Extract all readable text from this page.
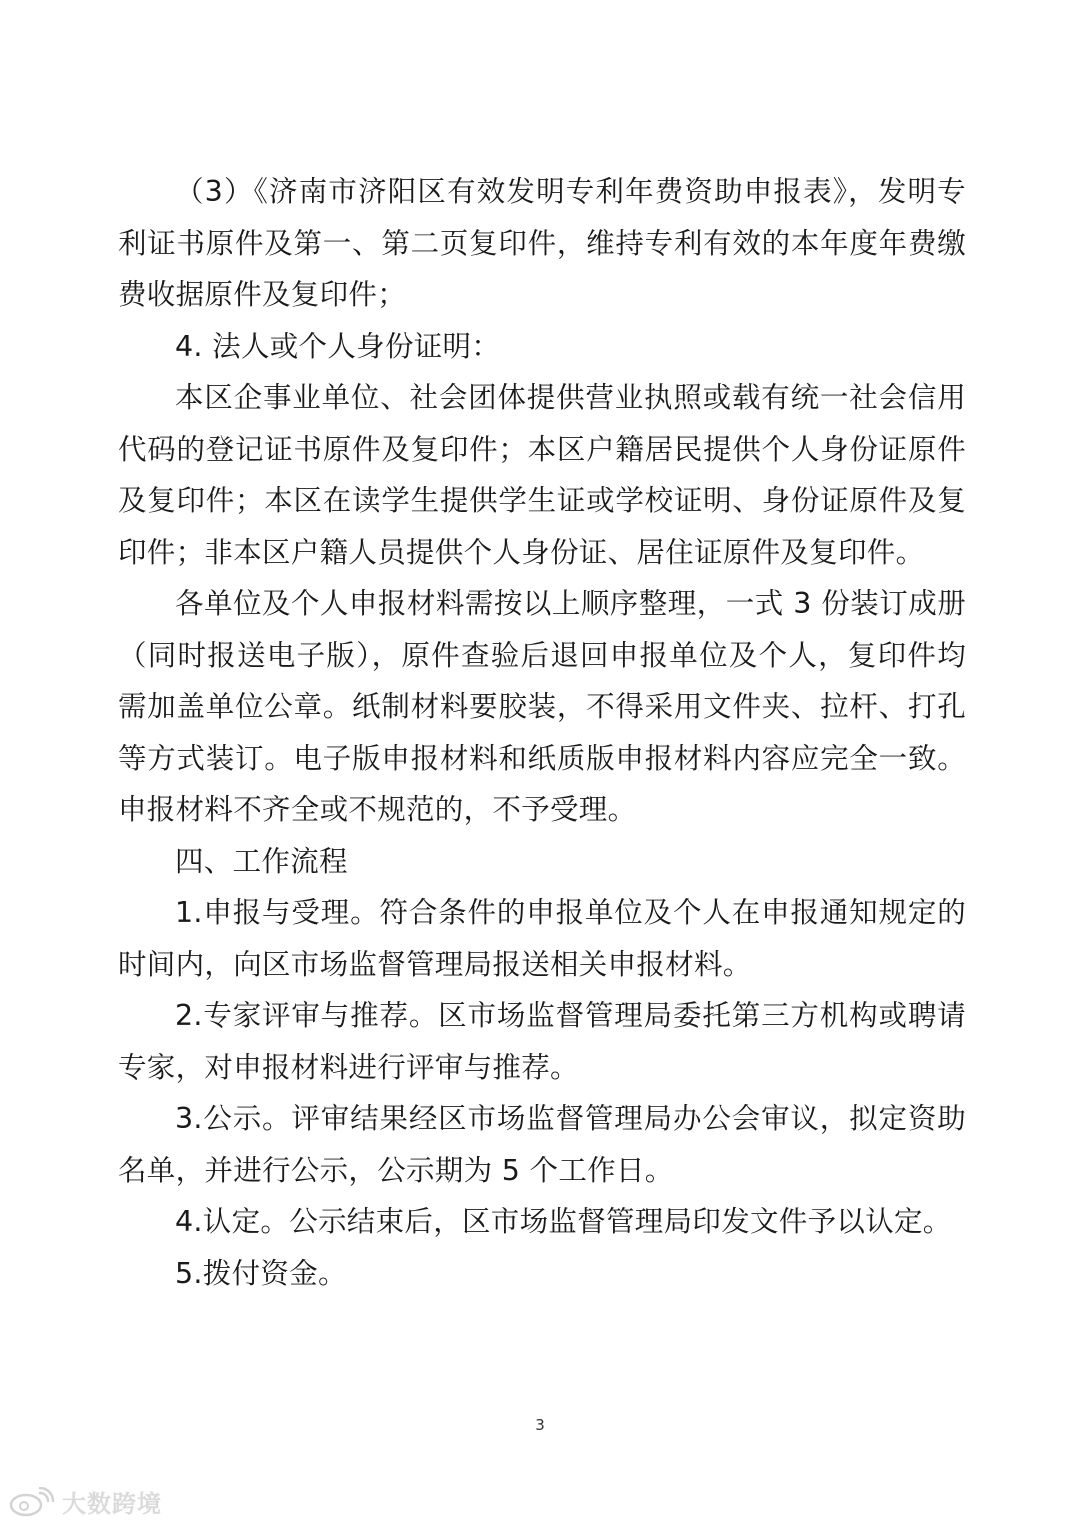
（3）《济南市济阳区有效发明专利年费资助申报表》，发明专利证书原件及第一、第二页复印件，维持专利有效的本年度年费缴费收据原件及复印件；

4. 法人或个人身份证明：

本区企事业单位、社会团体提供营业执照或载有统一社会信用代码的登记证书原件及复印件；本区户籍居民提供个人身份证原件及复印件；本区在读学生提供学生证或学校证明、身份证原件及复印件；非本区户籍人员提供个人身份证、居住证原件及复印件。

各单位及个人申报材料需按以上顺序整理，一式 3 份装订成册（同时报送电子版），原件查验后退回申报单位及个人，复印件均需加盖单位公章。纸制材料要胶装，不得采用文件夹、拉杆、打孔等方式装订。电子版申报材料和纸质版申报材料内容应完全一致。申报材料不齐全或不规范的，不予受理。

四、工作流程

1.申报与受理。符合条件的申报单位及个人在申报通知规定的时间内，向区市场监督管理局报送相关申报材料。

2.专家评审与推荐。区市场监督管理局委托第三方机构或聘请专家，对申报材料进行评审与推荐。

3.公示。评审结果经区市场监督管理局办公会审议，拟定资助名单，并进行公示，公示期为 5 个工作日。

4.认定。公示结束后，区市场监督管理局印发文件予以认定。

5.拨付资金。

3
大数跨境
